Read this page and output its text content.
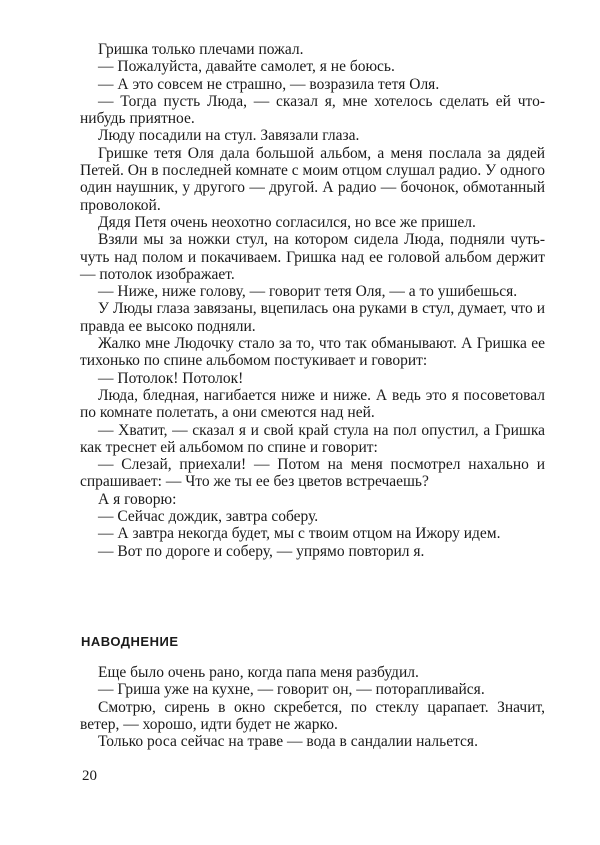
Гришка только плечами пожал.

— Пожалуйста, давайте самолет, я не боюсь.

— А это совсем не страшно, — возразила тетя Оля.

— Тогда пусть Люда, — сказал я, мне хотелось сделать ей что-нибудь приятное.

Люду посадили на стул. Завязали глаза.

Гришке тетя Оля дала большой альбом, а меня послала за дядей Петей. Он в последней комнате с моим отцом слушал радио. У одного один наушник, у другого — другой. А радио — бочонок, обмотанный проволокой.

Дядя Петя очень неохотно согласился, но все же пришел.

Взяли мы за ножки стул, на котором сидела Люда, подняли чуть-чуть над полом и покачиваем. Гришка над ее головой альбом держит — потолок изображает.

— Ниже, ниже голову, — говорит тетя Оля, — а то ушибешься.

У Люды глаза завязаны, вцепилась она руками в стул, думает, что и правда ее высоко подняли.

Жалко мне Людочку стало за то, что так обманывают. А Гришка ее тихонько по спине альбомом постукивает и говорит:

— Потолок! Потолок!

Люда, бледная, нагибается ниже и ниже. А ведь это я посоветовал по комнате полетать, а они смеются над ней.

— Хватит, — сказал я и свой край стула на пол опустил, а Гришка как треснет ей альбомом по спине и говорит:

— Слезай, приехали! — Потом на меня посмотрел нахально и спрашивает: — Что же ты ее без цветов встречаешь?

А я говорю:

— Сейчас дождик, завтра соберу.

— А завтра некогда будет, мы с твоим отцом на Ижору идем.

— Вот по дороге и соберу, — упрямо повторил я.

НАВОДНЕНИЕ

Еще было очень рано, когда папа меня разбудил.

— Гриша уже на кухне, — говорит он, — поторапливайся.

Смотрю, сирень в окно скребется, по стеклу царапает. Значит, ветер, — хорошо, идти будет не жарко.

Только роса сейчас на траве — вода в сандалии нальется.

20
